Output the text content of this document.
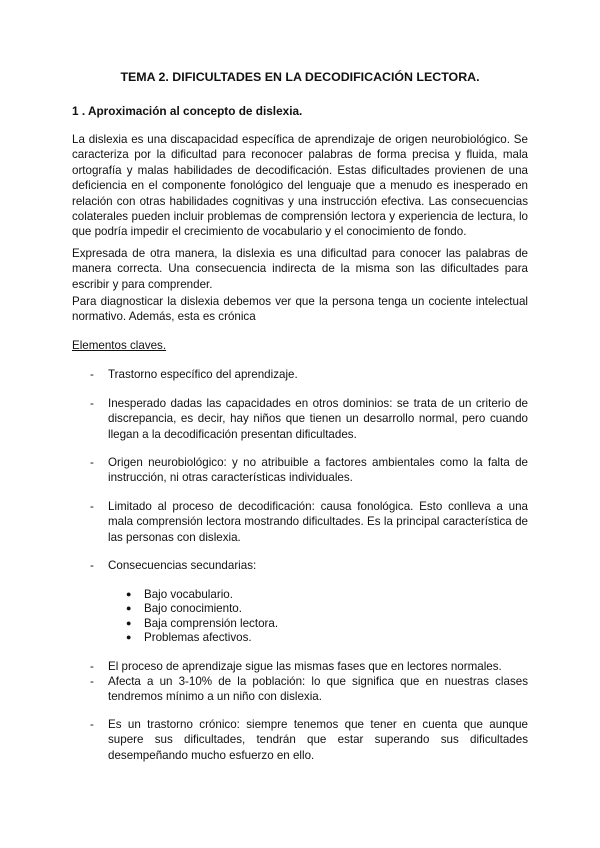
TEMA 2. DIFICULTADES EN LA DECODIFICACIÓN LECTORA.
1 . Aproximación al concepto de dislexia.

La dislexia es una discapacidad específica de aprendizaje de origen neurobiológico. Se caracteriza por la dificultad para reconocer palabras de forma precisa y fluida, mala ortografía y malas habilidades de decodificación. Estas dificultades provienen de una deficiencia en el componente fonológico del lenguaje que a menudo es inesperado en relación con otras habilidades cognitivas y una instrucción efectiva. Las consecuencias colaterales pueden incluir problemas de comprensión lectora y experiencia de lectura, lo que podría impedir el crecimiento de vocabulario y el conocimiento de fondo.

Expresada de otra manera, la dislexia es una dificultad para conocer las palabras de manera correcta. Una consecuencia indirecta de la misma son las dificultades para escribir y para comprender.

Para diagnosticar la dislexia debemos ver que la persona tenga un cociente intelectual normativo. Además, esta es crónica

Elementos claves.
- Trastorno específico del aprendizaje.
- Inesperado dadas las capacidades en otros dominios: se trata de un criterio de discrepancia, es decir, hay niños que tienen un desarrollo normal, pero cuando llegan a la decodificación presentan dificultades.
- Origen neurobiológico: y no atribuible a factores ambientales como la falta de instrucción, ni otras características individuales.
- Limitado al proceso de decodificación: causa fonológica. Esto conlleva a una mala comprensión lectora mostrando dificultades. Es la principal característica de las personas con dislexia.
- Consecuencias secundarias:
● Bajo vocabulario.
● Bajo conocimiento.
● Baja comprensión lectora.
● Problemas afectivos.
- El proceso de aprendizaje sigue las mismas fases que en lectores normales.
- Afecta a un 3-10% de la población: lo que significa que en nuestras clases tendremos mínimo a un niño con dislexia.
- Es un trastorno crónico: siempre tenemos que tener en cuenta que aunque supere sus dificultades, tendrán que estar superando sus dificultades desempeñando mucho esfuerzo en ello.
